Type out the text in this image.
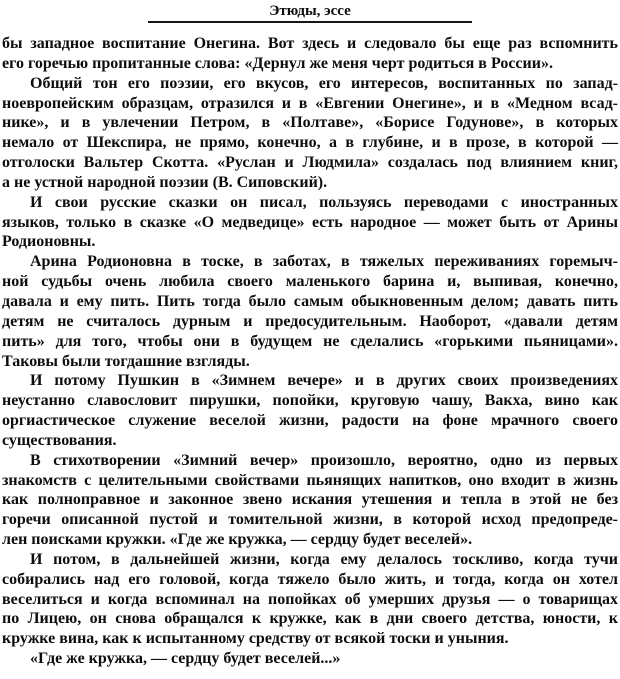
Этюды, эссе
бы западное воспитание Онегина. Вот здесь и следовало бы еще раз вспомнить
его горечью пропитанные слова: «Дернул же меня черт родиться в России».
Общий тон его поэзии, его вкусов, его интересов, воспитанных по запад-
ноевропейским образцам, отразился и в «Евгении Онегине», и в «Медном всад-
нике», и в увлечении Петром, в «Полтаве», «Борисе Годунове», в которых
немало от Шекспира, не прямо, конечно, а в глубине, и в прозе, в которой —
отголоски Вальтер Скотта. «Руслан и Людмила» создалась под влиянием книг,
а не устной народной поэзии (В. Сиповский).
И свои русские сказки он писал, пользуясь переводами с иностранных
языков, только в сказке «О медведице» есть народное — может быть от Арины
Родионовны.
Арина Родионовна в тоске, в заботах, в тяжелых переживаниях горемыч-
ной судьбы очень любила своего маленького барина и, выпивая, конечно,
давала и ему пить. Пить тогда было самым обыкновенным делом; давать пить
детям не считалось дурным и предосудительным. Наоборот, «давали детям
пить» для того, чтобы они в будущем не сделались «горькими пьяницами».
Таковы были тогдашние взгляды.
И потому Пушкин в «Зимнем вечере» и в других своих произведениях
неустанно славословит пирушки, попойки, круговую чашу, Вакха, вино как
оргиастическое служение веселой жизни, радости на фоне мрачного своего
существования.
В стихотворении «Зимний вечер» произошло, вероятно, одно из первых
знакомств с целительными свойствами пьянящих напитков, оно входит в жизнь
как полноправное и законное звено искания утешения и тепла в этой не без
горечи описанной пустой и томительной жизни, в которой исход предопреде-
лен поисками кружки. «Где же кружка, — сердцу будет веселей».
И потом, в дальнейшей жизни, когда ему делалось тоскливо, когда тучи
собирались над его головой, когда тяжело было жить, и тогда, когда он хотел
веселиться и когда вспоминал на попойках об умерших друзья — о товарищах
по Лицею, он снова обращался к кружке, как в дни своего детства, юности, к
кружке вина, как к испытанному средству от всякой тоски и уныния.
«Где же кружка, — сердцу будет веселей...»
